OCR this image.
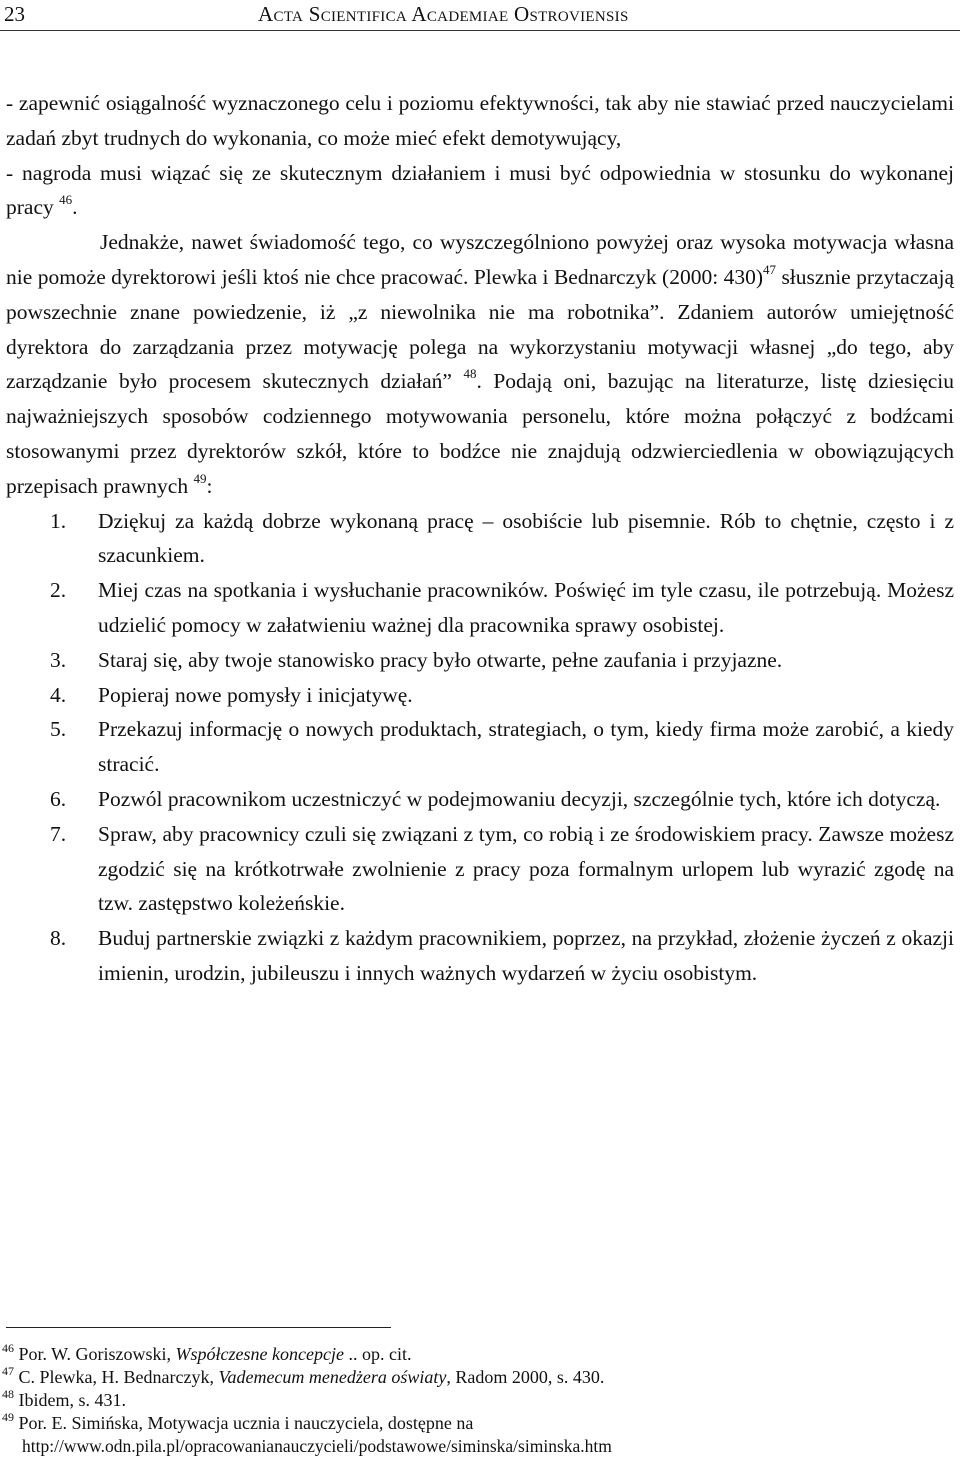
23	Acta Scientifica Academiae Ostroviensis

- zapewnić osiągalność wyznaczonego celu i poziomu efektywności, tak aby nie stawiać przed nauczycielami zadań zbyt trudnych do wykonania, co może mieć efekt demotywujący,

- nagroda musi wiązać się ze skutecznym działaniem i musi być odpowiednia w stosunku do wykonanej pracy $^{46}$.

Jednakże, nawet świadomość tego, co wyszczególniono powyżej oraz wysoka motywacja własna nie pomoże dyrektorowi jeśli ktoś nie chce pracować. Plewka i Bednarczyk (2000: 430)$^{47}$ słusznie przytaczają powszechnie znane powiedzenie, iż „z niewolnika nie ma robotnika”. Zdaniem autorów umiejętność dyrektora do zarządzania przez motywację polega na wykorzystaniu motywacji własnej „do tego, aby zarządzanie było procesem skutecznych działań” $^{48}$. Podają oni, bazując na literaturze, listę dziesięciu najważniejszych sposobów codziennego motywowania personelu, które można połączyć z bodźcami stosowanymi przez dyrektorów szkół, które to bodźce nie znajdują odzwierciedlenia w obowiązujących przepisach prawnych $^{49}$:

1. Dziękuj za każdą dobrze wykonaną pracę – osobiście lub pisemnie. Rób to chętnie, często i z szacunkiem.
2. Miej czas na spotkania i wysłuchanie pracowników. Poświęć im tyle czasu, ile potrzebują. Możesz udzielić pomocy w załatwieniu ważnej dla pracownika sprawy osobistej.
3. Staraj się, aby twoje stanowisko pracy było otwarte, pełne zaufania i przyjazne.
4. Popieraj nowe pomysły i inicjatywę.
5. Przekazuj informację o nowych produktach, strategiach, o tym, kiedy firma może zarobić, a kiedy stracić.
6. Pozwól pracownikom uczestniczyć w podejmowaniu decyzji, szczególnie tych, które ich dotyczą.
7. Spraw, aby pracownicy czuli się związani z tym, co robią i ze środowiskiem pracy. Zawsze możesz zgodzić się na krótkotrwałe zwolnienie z pracy poza formalnym urlopem lub wyrazić zgodę na tzw. zastępstwo koleżeńskie.
8. Buduj partnerskie związki z każdym pracownikiem, poprzez, na przykład, złożenie życzeń z okazji imienin, urodzin, jubileuszu i innych ważnych wydarzeń w życiu osobistym.

$^{46}$ Por. W. Goriszowski, Współczesne koncepcje .. op. cit.

$^{47}$ C. Plewka, H. Bednarczyk, Vademecum menedżera oświaty, Radom 2000, s. 430.

$^{48}$ Ibidem, s. 431.

$^{49}$ Por. E. Simińska, Motywacja ucznia i nauczyciela, dostępne na

http://www.odn.pila.pl/opracowanianauczycieli/podstawowe/siminska/siminska.htm
